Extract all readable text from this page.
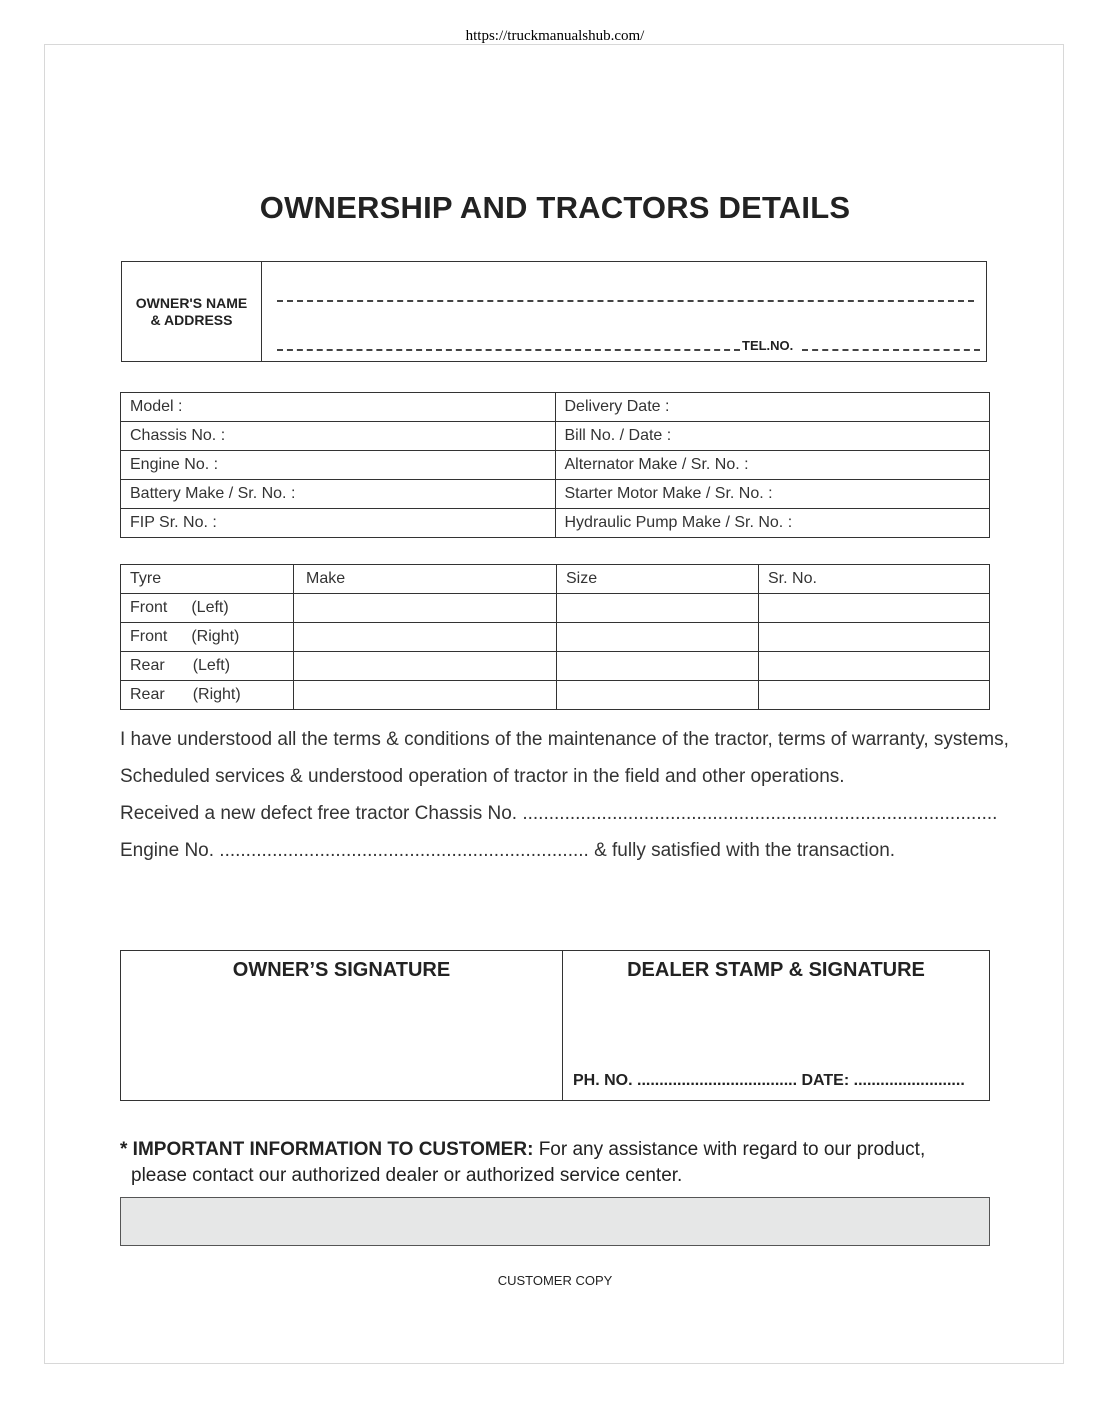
https://truckmanualshub.com/
OWNERSHIP AND TRACTORS DETAILS
OWNER'S NAME
& ADDRESS
TEL.NO.
Model :	Delivery Date :
Chassis No. :	Bill No. / Date :
Engine No. :	Alternator Make / Sr. No. :
Battery Make / Sr. No. :	Starter Motor Make / Sr. No. :
FIP Sr. No. :	Hydraulic Pump Make / Sr. No. :
Tyre	Make	Size	Sr. No.
Front (Left)			
Front (Right)			
Rear (Left)			
Rear (Right)			
I have understood all the terms & conditions of the maintenance of the tractor, terms of warranty, systems,
Scheduled services & understood operation of tractor in the field and other operations.
Received a new defect free tractor Chassis No. ..........................................................................................
Engine No. ...................................................................... & fully satisfied with the transaction.
OWNER’S SIGNATURE	DEALER STAMP & SIGNATURE
PH. NO. .................................... DATE: .........................
* IMPORTANT INFORMATION TO CUSTOMER: For any assistance with regard to our product,
please contact our authorized dealer or authorized service center.
CUSTOMER COPY
